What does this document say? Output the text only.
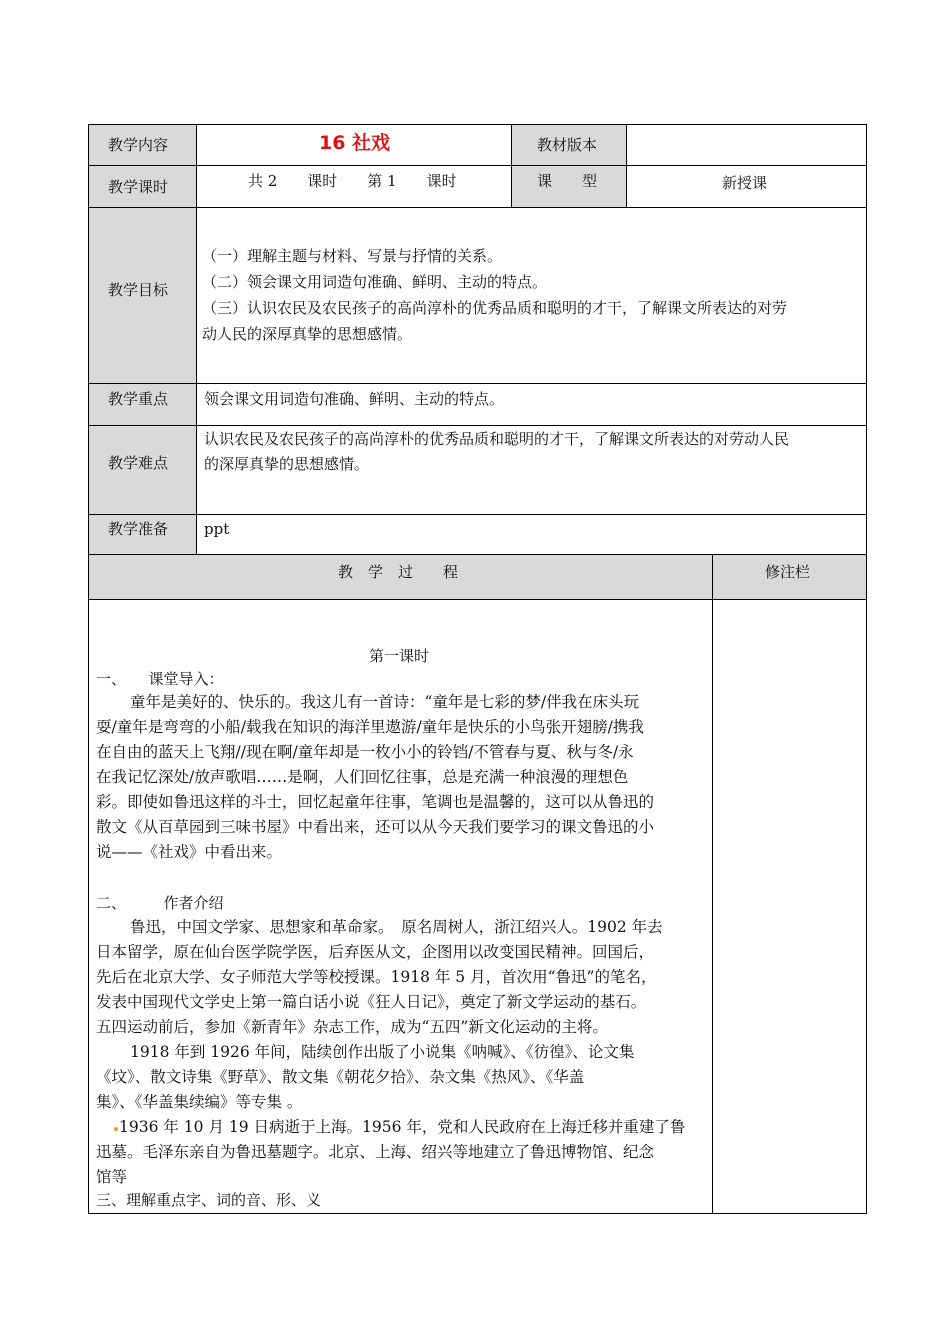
教学内容	16 社戏	教材版本
教学课时	共 2　　课时　　第 1　　课时	课　　型	新授课
教学目标
（一）理解主题与材料、写景与抒情的关系。
（二）领会课文用词造句准确、鲜明、主动的特点。
（三）认识农民及农民孩子的高尚淳朴的优秀品质和聪明的才干，了解课文所表达的对劳
动人民的深厚真挚的思想感情。
教学重点 领会课文用词造句准确、鲜明、主动的特点。
教学难点
认识农民及农民孩子的高尚淳朴的优秀品质和聪明的才干，了解课文所表达的对劳动人民
的深厚真挚的思想感情。
教学准备 ppt
教　学　过　　程	修注栏
第一课时
一、　　课堂导入：
童年是美好的、快乐的。我这儿有一首诗：“童年是七彩的梦/伴我在床头玩
耍/童年是弯弯的小船/载我在知识的海洋里遨游/童年是快乐的小鸟张开翅膀/携我
在自由的蓝天上飞翔//现在啊/童年却是一枚小小的铃铛/不管春与夏、秋与冬/永
在我记忆深处/放声歌唱……是啊，人们回忆往事，总是充满一种浪漫的理想色
彩。即使如鲁迅这样的斗士，回忆起童年往事，笔调也是温馨的，这可以从鲁迅的
散文《从百草园到三味书屋》中看出来，还可以从今天我们要学习的课文鲁迅的小
说——《社戏》中看出来。
二、　　　作者介绍
鲁迅，中国文学家、思想家和革命家。　原名周树人，浙江绍兴人。1902 年去
日本留学，原在仙台医学院学医，后弃医从文，企图用以改变国民精神。回国后，
先后在北京大学、女子师范大学等校授课。1918 年 5 月，首次用“鲁迅”的笔名，
发表中国现代文学史上第一篇白话小说《狂人日记》，奠定了新文学运动的基石。
五四运动前后，参加《新青年》杂志工作，成为“五四”新文化运动的主将。
1918 年到 1926 年间，陆续创作出版了小说集《呐喊》、《彷徨》、论文集
《坟》、散文诗集《野草》、散文集《朝花夕拾》、杂文集《热风》、《华盖
集》、《华盖集续编》等专集 。
1936 年 10 月 19 日病逝于上海。1956 年，党和人民政府在上海迁移并重建了鲁
迅墓。毛泽东亲自为鲁迅墓题字。北京、上海、绍兴等地建立了鲁迅博物馆、纪念
馆等
三、理解重点字、词的音、形、义
